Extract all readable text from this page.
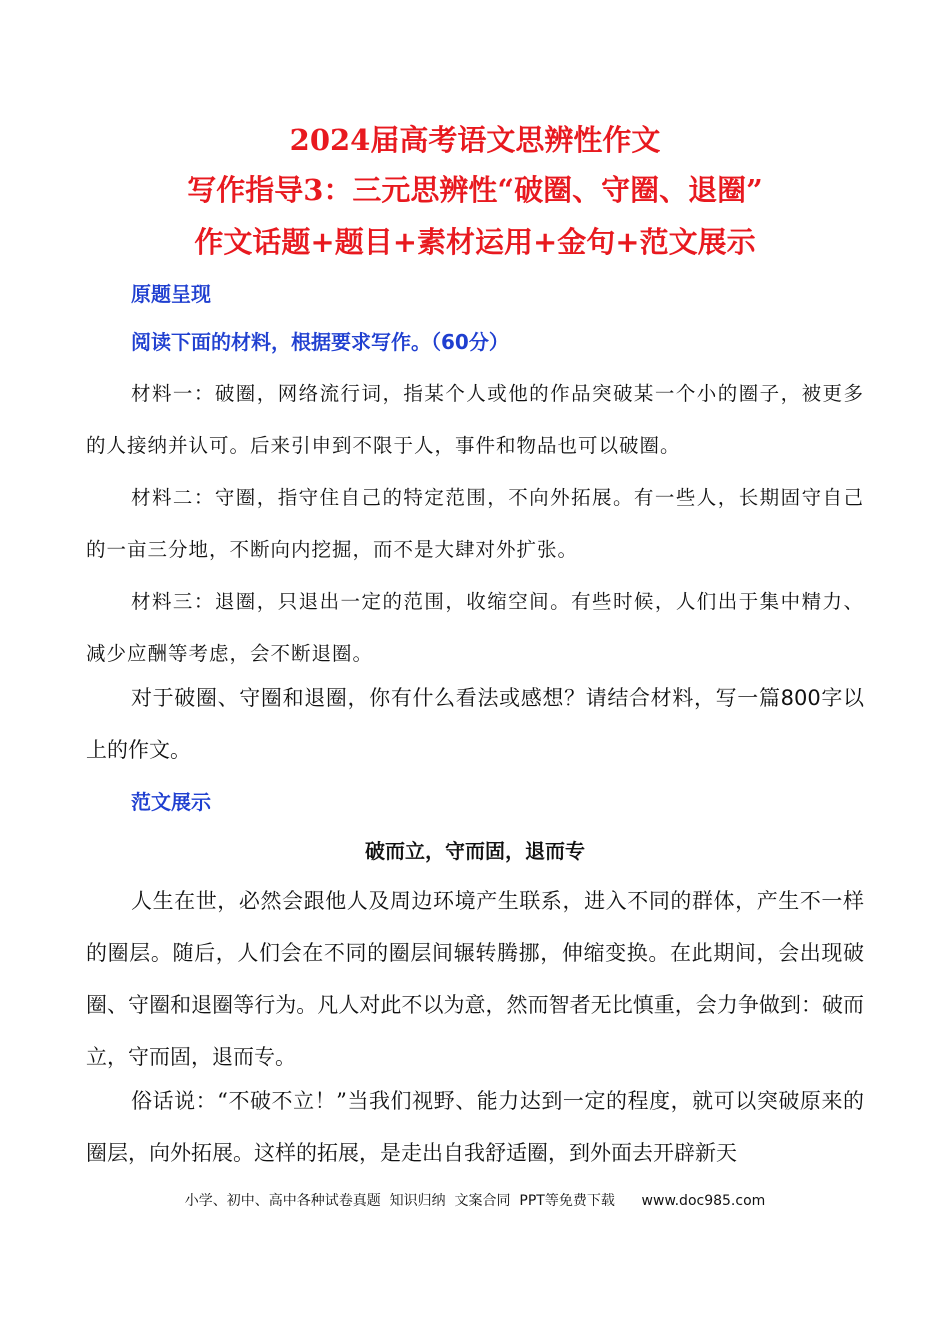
2024届高考语文思辨性作文
写作指导3：三元思辨性“破圈、守圈、退圈”
作文话题+题目+素材运用+金句+范文展示
原题呈现
阅读下面的材料，根据要求写作。（60分）
材料一：破圈，网络流行词，指某个人或他的作品突破某一个小的圈子，被更多的人接纳并认可。后来引申到不限于人，事件和物品也可以破圈。
材料二：守圈，指守住自己的特定范围，不向外拓展。有一些人，长期固守自己的一亩三分地，不断向内挖掘，而不是大肆对外扩张。
材料三：退圈，只退出一定的范围，收缩空间。有些时候，人们出于集中精力、减少应酬等考虑，会不断退圈。
对于破圈、守圈和退圈，你有什么看法或感想？请结合材料，写一篇800字以上的作文。
范文展示
破而立，守而固，退而专
人生在世，必然会跟他人及周边环境产生联系，进入不同的群体，产生不一样的圈层。随后，人们会在不同的圈层间辗转腾挪，伸缩变换。在此期间，会出现破圈、守圈和退圈等行为。凡人对此不以为意，然而智者无比慎重，会力争做到：破而立，守而固，退而专。
俗话说：“不破不立！”当我们视野、能力达到一定的程度，就可以突破原来的圈层，向外拓展。这样的拓展，是走出自我舒适圈，到外面去开辟新天
小学、初中、高中各种试卷真题  知识归纳  文案合同  PPT等免费下载      www.doc985.com
